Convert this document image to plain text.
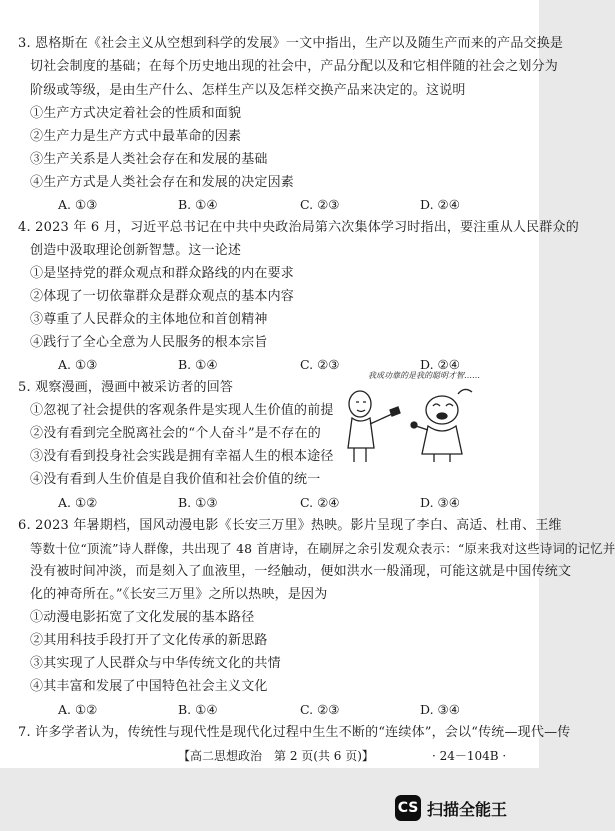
3. 恩格斯在《社会主义从空想到科学的发展》一文中指出，生产以及随生产而来的产品交换是
切社会制度的基础；在每个历史地出现的社会中，产品分配以及和它相伴随的社会之划分为
阶级或等级，是由生产什么、怎样生产以及怎样交换产品来决定的。这说明
①生产方式决定着社会的性质和面貌
②生产力是生产方式中最革命的因素
③生产关系是人类社会存在和发展的基础
④生产方式是人类社会存在和发展的决定因素
A. ①③	B. ①④	C. ②③	D. ②④
4. 2023 年 6 月，习近平总书记在中共中央政治局第六次集体学习时指出，要注重从人民群众的
创造中汲取理论创新智慧。这一论述
①是坚持党的群众观点和群众路线的内在要求
②体现了一切依靠群众是群众观点的基本内容
③尊重了人民群众的主体地位和首创精神
④践行了全心全意为人民服务的根本宗旨
A. ①③	B. ①④	C. ②③	D. ②④
5. 观察漫画，漫画中被采访者的回答
①忽视了社会提供的客观条件是实现人生价值的前提
②没有看到完全脱离社会的“个人奋斗”是不存在的
③没有看到投身社会实践是拥有幸福人生的根本途径
④没有看到人生价值是自我价值和社会价值的统一
A. ①②	B. ①③	C. ②④	D. ③④
我成功靠的是我的聪明才智……
6. 2023 年暑期档，国风动漫电影《长安三万里》热映。影片呈现了李白、高适、杜甫、王维
等数十位“顶流”诗人群像，共出现了 48 首唐诗，在刷屏之余引发观众表示：“原来我对这些诗词的记忆并
没有被时间冲淡，而是刻入了血液里，一经触动，便如洪水一般涌现，可能这就是中国传统文
化的神奇所在。”《长安三万里》之所以热映，是因为
①动漫电影拓宽了文化发展的基本路径
②其用科技手段打开了文化传承的新思路
③其实现了人民群众与中华传统文化的共情
④其丰富和发展了中国特色社会主义文化
A. ①②	B. ①④	C. ②③	D. ③④
7. 许多学者认为，传统性与现代性是现代化过程中生生不断的“连续体”，会以“传统—现代—传
【高二思想政治　第 2 页(共 6 页)】	· 24－104B ·
CS 扫描全能王
